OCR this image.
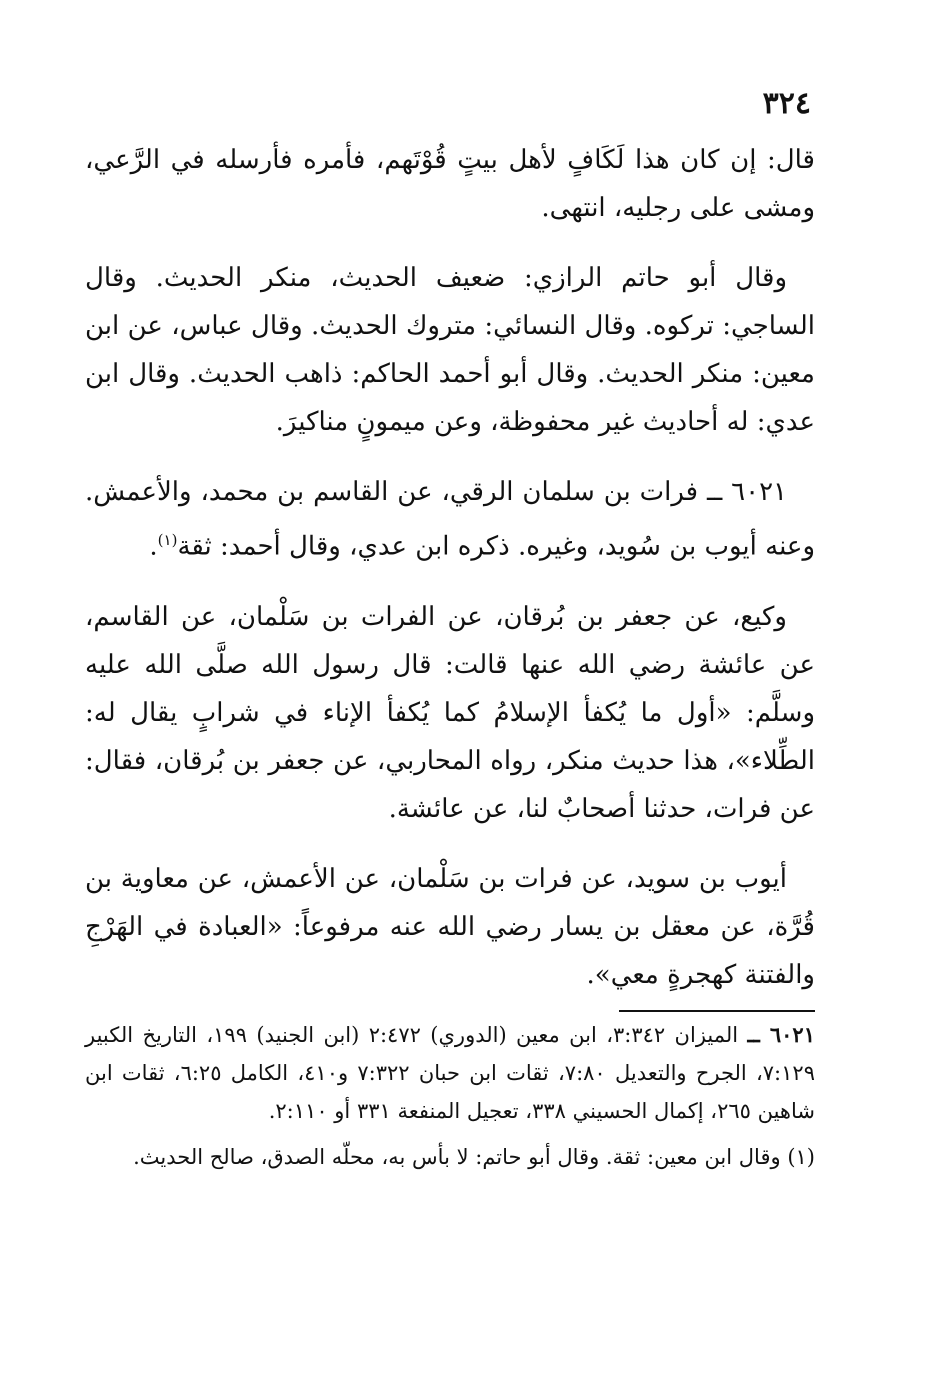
٣٢٤

قال: إن كان هذا لَكَافٍ لأهل بيتٍ قُوْتَهم، فأمره فأرسله في الرَّعي، ومشى على رجليه، انتهى.

وقال أبو حاتم الرازي: ضعيف الحديث، منكر الحديث. وقال الساجي: تركوه. وقال النسائي: متروك الحديث. وقال عباس، عن ابن معين: منكر الحديث. وقال أبو أحمد الحاكم: ذاهب الحديث. وقال ابن عدي: له أحاديث غير محفوظة، وعن ميمونٍ مناكيرَ.

٦٠٢١ ــ فرات بن سلمان الرقي، عن القاسم بن محمد، والأعمش. وعنه أيوب بن سُويد، وغيره. ذكره ابن عدي، وقال أحمد: ثقة$^{(١)}$.

وكيع، عن جعفر بن بُرقان، عن الفرات بن سَلْمان، عن القاسم، عن عائشة رضي الله عنها قالت: قال رسول الله صلَّى الله عليه وسلَّم: «أول ما يُكفأ الإسلامُ كما يُكفأ الإناء في شرابٍ يقال له: الطِّلاء»، هذا حديث منكر، رواه المحاربي، عن جعفر بن بُرقان، فقال: عن فرات، حدثنا أصحابٌ لنا، عن عائشة.

أيوب بن سويد، عن فرات بن سَلْمان، عن الأعمش، عن معاوية بن قُرَّة، عن معقل بن يسار رضي الله عنه مرفوعاً: «العبادة في الهَرْجِ والفتنة كهجرةٍ معي».

٦٠٢١ ــ الميزان ٣:٣٤٢، ابن معين (الدوري) ٢:٤٧٢ (ابن الجنيد) ١٩٩، التاريخ الكبير ٧:١٢٩، الجرح والتعديل ٧:٨٠، ثقات ابن حبان ٧:٣٢٢ و٤١٠، الكامل ٦:٢٥، ثقات ابن شاهين ٢٦٥، إكمال الحسيني ٣٣٨، تعجيل المنفعة ٣٣١ أو ٢:١١٠.

(١) وقال ابن معين: ثقة. وقال أبو حاتم: لا بأس به، محلّه الصدق، صالح الحديث.
